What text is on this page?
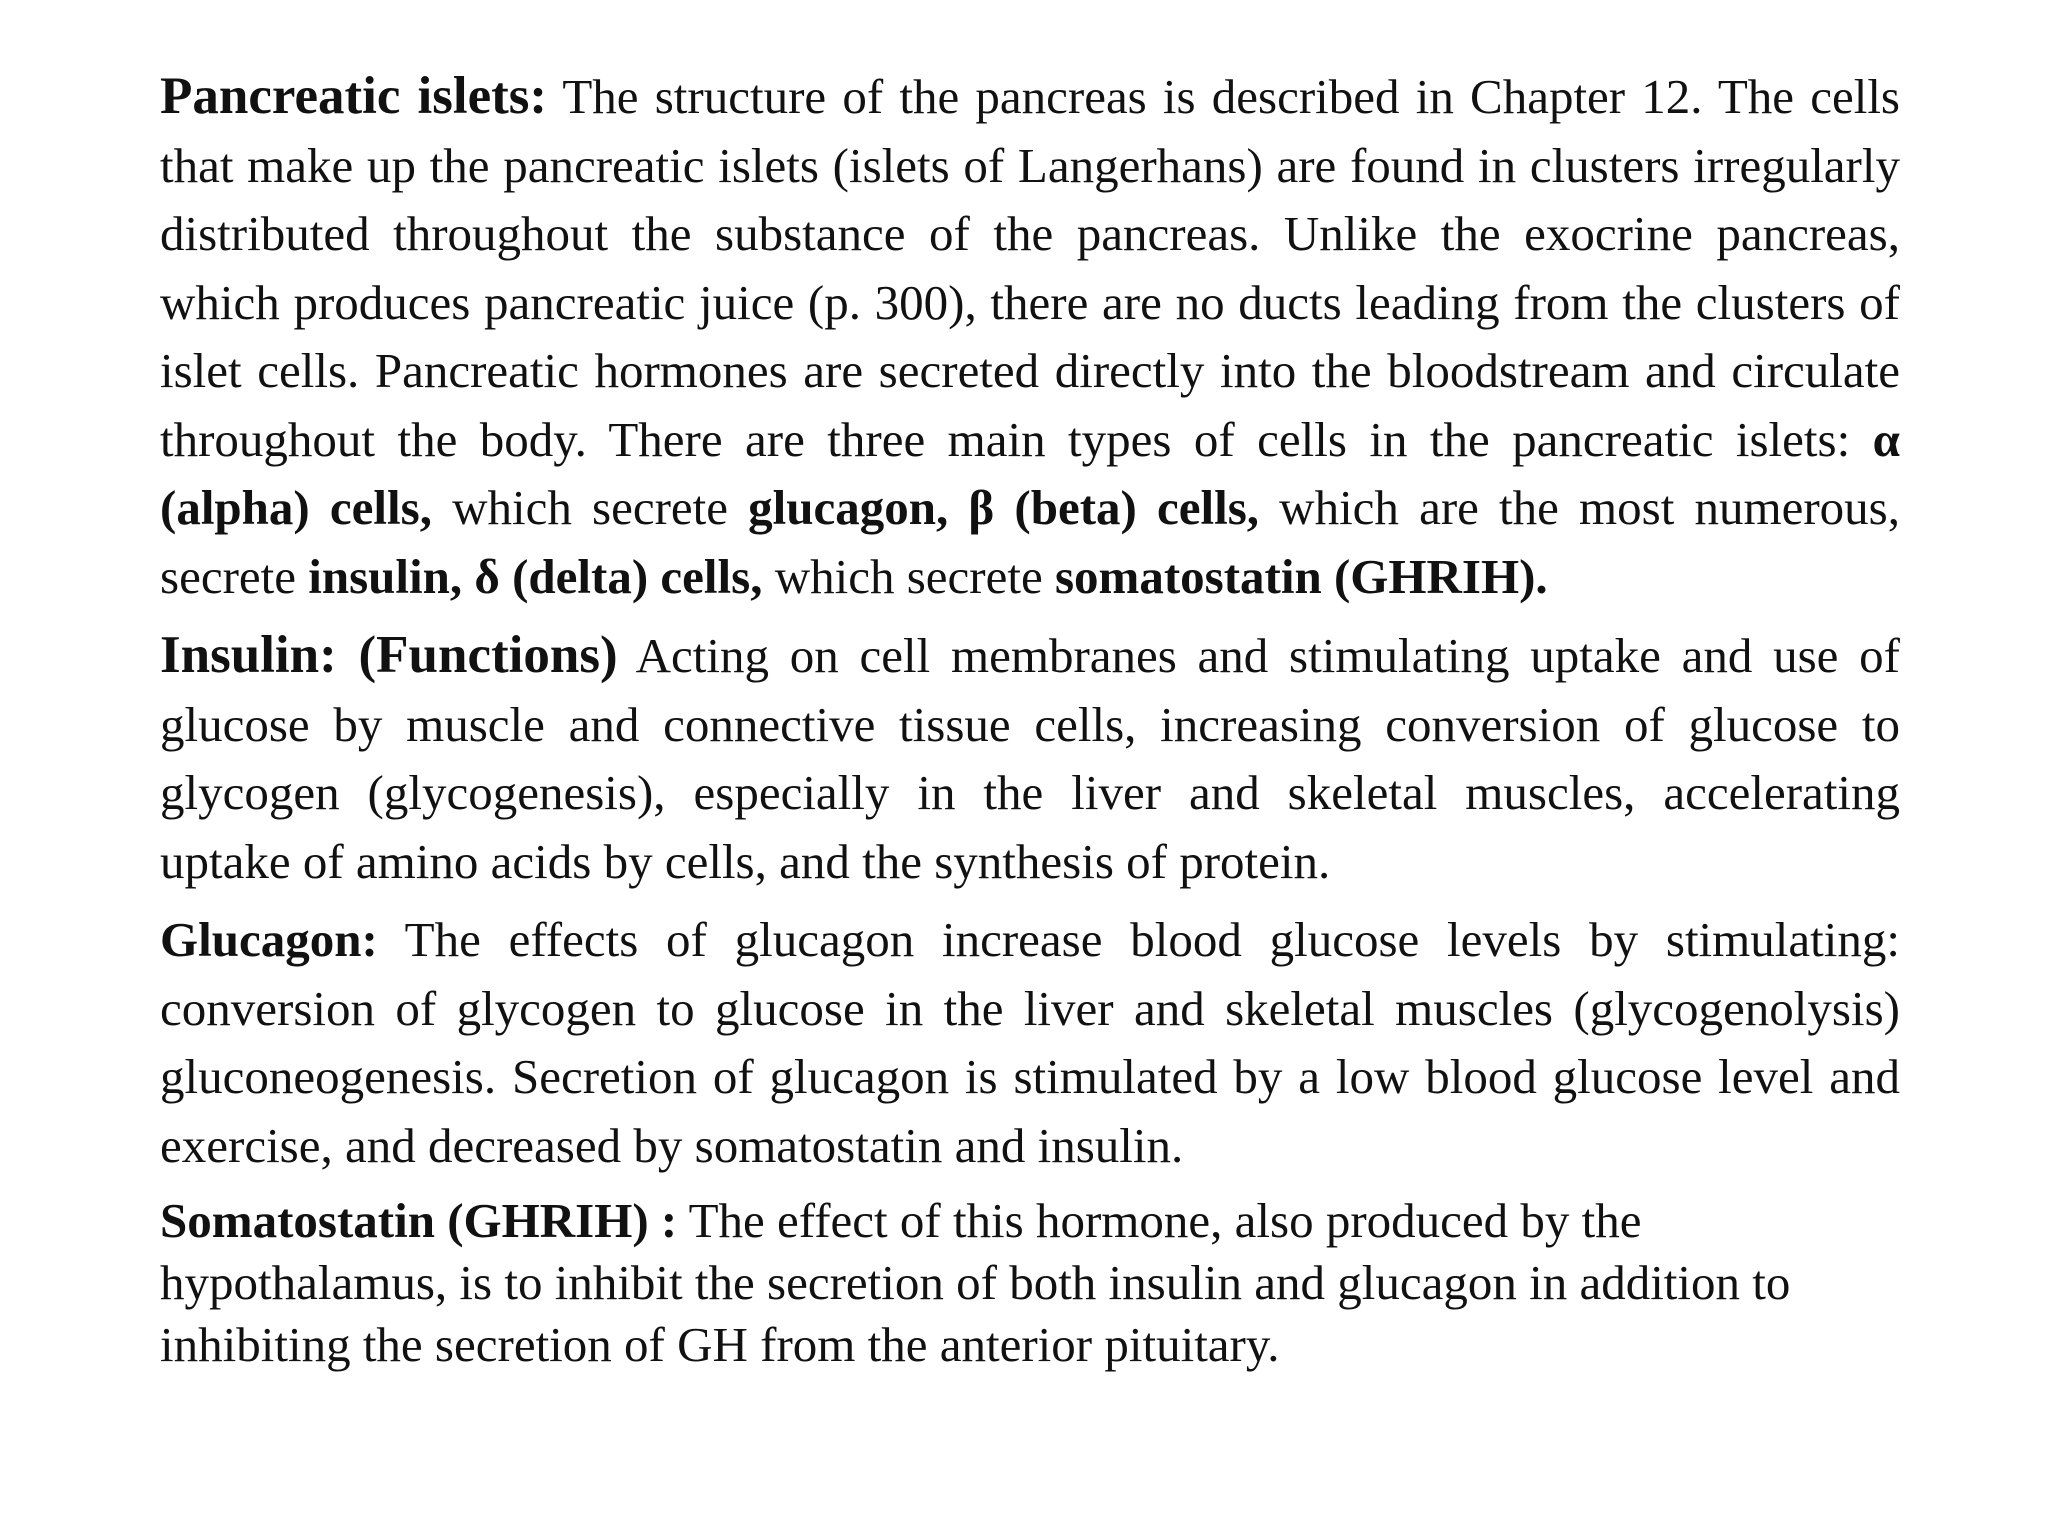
Pancreatic islets: The structure of the pancreas is described in Chapter 12. The cells that make up the pancreatic islets (islets of Langerhans) are found in clusters irregularly distributed throughout the substance of the pancreas. Unlike the exocrine pancreas, which produces pancreatic juice (p. 300), there are no ducts leading from the clusters of islet cells. Pancreatic hormones are secreted directly into the bloodstream and circulate throughout the body. There are three main types of cells in the pancreatic islets: α (alpha) cells, which secrete glucagon, β (beta) cells, which are the most numerous, secrete insulin, δ (delta) cells, which secrete somatostatin (GHRIH).

Insulin: (Functions) Acting on cell membranes and stimulating uptake and use of glucose by muscle and connective tissue cells, increasing conversion of glucose to glycogen (glycogenesis), especially in the liver and skeletal muscles, accelerating uptake of amino acids by cells, and the synthesis of protein.

Glucagon: The effects of glucagon increase blood glucose levels by stimulating: conversion of glycogen to glucose in the liver and skeletal muscles (glycogenolysis) gluconeogenesis. Secretion of glucagon is stimulated by a low blood glucose level and exercise, and decreased by somatostatin and insulin.

Somatostatin (GHRIH) : The effect of this hormone, also produced by the hypothalamus, is to inhibit the secretion of both insulin and glucagon in addition to inhibiting the secretion of GH from the anterior pituitary.
